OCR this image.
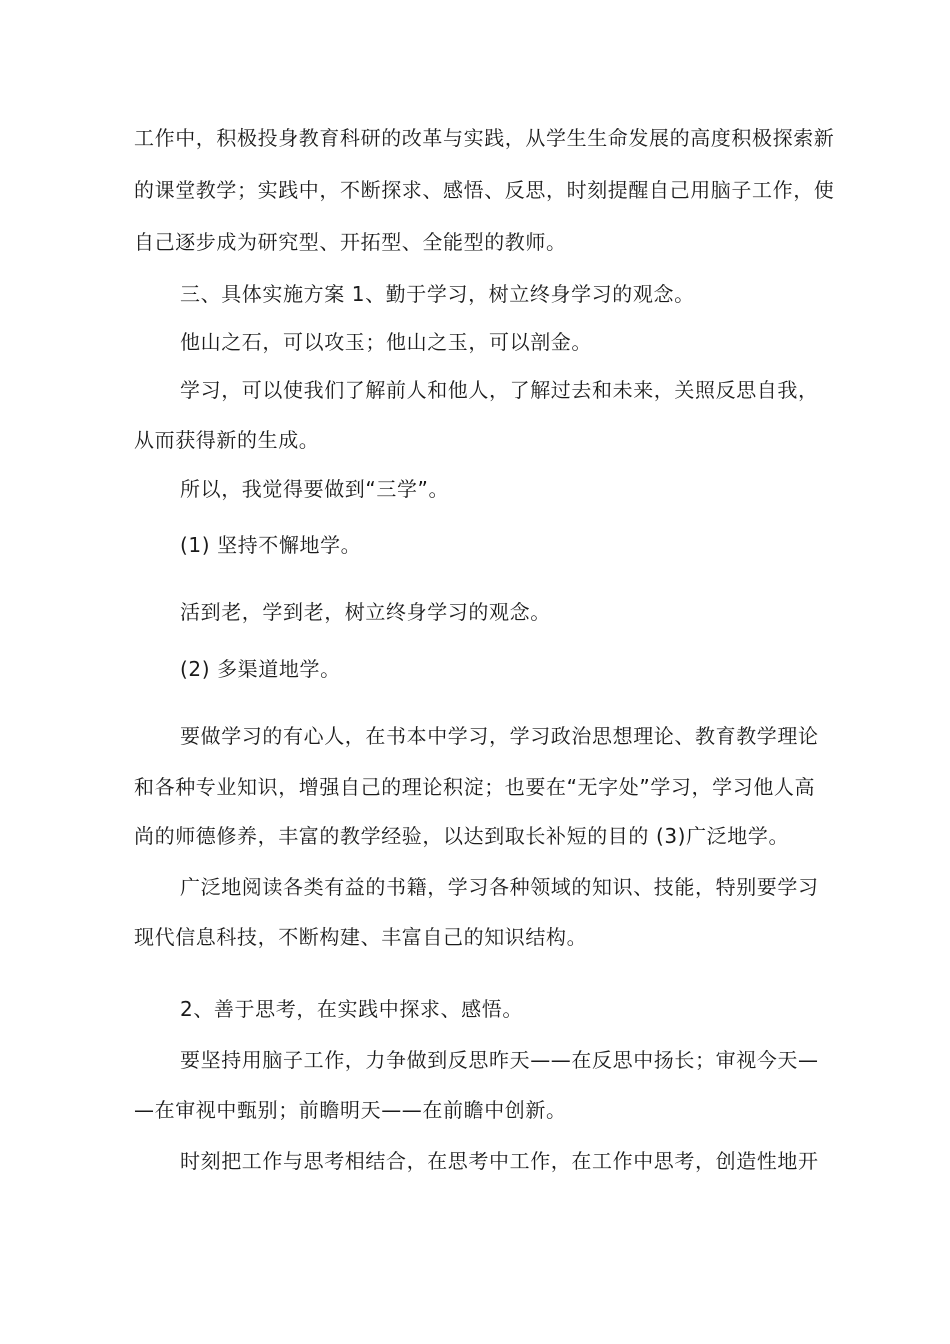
工作中，积极投身教育科研的改革与实践，从学生生命发展的高度积极探索新
的课堂教学；实践中，不断探求、感悟、反思，时刻提醒自己用脑子工作，使
自己逐步成为研究型、开拓型、全能型的教师。
三、具体实施方案 1、勤于学习，树立终身学习的观念。
他山之石，可以攻玉；他山之玉，可以剖金。
学习，可以使我们了解前人和他人，了解过去和未来，关照反思自我，
从而获得新的生成。
所以，我觉得要做到“三学”。
(1) 坚持不懈地学。
活到老，学到老，树立终身学习的观念。
(2) 多渠道地学。
要做学习的有心人，在书本中学习，学习政治思想理论、教育教学理论
和各种专业知识，增强自己的理论积淀；也要在“无字处”学习，学习他人高
尚的师德修养，丰富的教学经验，以达到取长补短的目的 (3)广泛地学。
广泛地阅读各类有益的书籍，学习各种领域的知识、技能，特别要学习
现代信息科技，不断构建、丰富自己的知识结构。
2、善于思考，在实践中探求、感悟。
要坚持用脑子工作，力争做到反思昨天——在反思中扬长；审视今天—
—在审视中甄别；前瞻明天——在前瞻中创新。
时刻把工作与思考相结合，在思考中工作，在工作中思考，创造性地开
